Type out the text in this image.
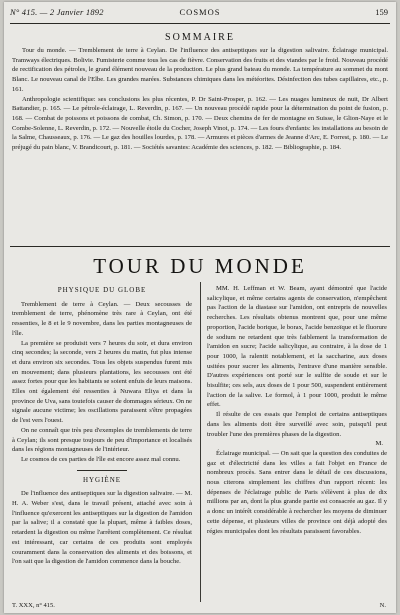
N° 415. — 2 Janvier 1892	COSMOS	159
SOMMAIRE

Tour du monde. — Tremblement de terre à Ceylan. De l'influence des antiseptiques sur la digestion salivaire. Éclairage municipal. Tramways électriques. Bolivie. Fumisterie comme tous les cas de fièvre. Conservation des fruits et des viandes par le froid. Nouveau procédé de rectification des pétroles, le grand élément nouveau de la production. Le plus grand bateau du monde. La température au sommet du mont Blanc. Le nouveau canal de l'Elbe. Les grandes marées. Substances chimiques dans les météorites. Désinfection des tubes capillaires, etc., p. 161.

Anthropologie scientifique: ses conclusions les plus récentes, P. Dr Saint-Prosper, p. 162. — Les nuages lumineux de nuit, Dr Albert Battandier, p. 165. — Le pétrole-éclairage, L. Reverdin, p. 167. — Un nouveau procédé rapide pour la détermination du point de fusion, p. 168. — Combat de poissons et poissons de combat, Ch. Simon, p. 170. — Deux chemins de fer de montagne en Suisse, le Glion-Naye et le Combe-Solenne, L. Reverdin, p. 172. — Nouvelle étoile du Cocher, Joseph Vinot, p. 174. — Les fours d'enfants: les installations au besoin de la Salme, Chausseaux, p. 176. — Le gaz des houilles lourdes, p. 178. — Armures et pièces d'armes de Jeanne d'Arc, E. Forrest, p. 180. — Le préjugé du pain blanc, V. Brandicourt, p. 181. — Sociétés savantes: Académie des sciences, p. 182. — Bibliographie, p. 184.

TOUR DU MONDE
PHYSIQUE DU GLOBE

Tremblement de terre à Ceylan. — Deux secousses de tremblement de terre, phénomène très rare à Ceylan, ont été ressenties, le 8 et le 9 novembre, dans les parties montagneuses de l'île.

La première se produisit vers 7 heures du soir, et dura environ cinq secondes; la seconde, vers 2 heures du matin, fut plus intense et dura environ six secondes. Tous les objets suspendus furent mis en mouvement; dans plusieurs plantations, les secousses ont été assez fortes pour que les habitants se soient enfuis de leurs maisons. Elles ont également été ressenties à Nuwara Eliya et dans la province de Uva, sans toutefois causer de dommages sérieux. On ne signale aucune victime; les oscillations paraissent s'être propagées de l'est vers l'ouest.

On ne connaît que très peu d'exemples de tremblements de terre à Ceylan; ils sont presque toujours de peu d'importance et localisés dans les régions montagneuses de l'intérieur.

Le cosmos de ces parties de l'île est encore assez mal connu.

HYGIÈNE

De l'influence des antiseptiques sur la digestion salivaire. — M. H. A. Weber s'est, dans le travail présent, attaché avec soin à l'influence qu'exercent les antiseptiques sur la digestion de l'amidon par la salive; il a constaté que la plupart, même à faibles doses, retardent la digestion ou même l'arrêtent complètement. Ce résultat est intéressant, car certains de ces produits sont employés couramment dans la conservation des aliments et des boissons, et l'on sait que la digestion de l'amidon commence dans la bouche.

MM. H. Leffman et W. Beam, ayant démontré que l'acide salicylique, et même certains agents de conservation, n'empêchent pas l'action de la diastase sur l'amidon, ont entrepris de nouvelles recherches. Les résultats obtenus montrent que, pour une même proportion, l'acide borique, le borax, l'acide benzoïque et le fluorure de sodium ne retardent que très faiblement la transformation de l'amidon en sucre; l'acide salicylique, au contraire, à la dose de 1 pour 1000, la ralentit notablement, et la saccharine, aux doses usitées pour sucrer les aliments, l'entrave d'une manière sensible. D'autres expériences ont porté sur le sulfite de soude et sur le bisulfite; ces sels, aux doses de 1 pour 500, suspendent entièrement l'action de la salive. Le formol, à 1 pour 1000, produit le même effet.

Il résulte de ces essais que l'emploi de certains antiseptiques dans les aliments doit être surveillé avec soin, puisqu'il peut troubler l'une des premières phases de la digestion.

M.

Éclairage municipal. — On sait que la question des conduites de gaz et d'électricité dans les villes a fait l'objet en France de nombreux procès. Sans entrer dans le détail de ces discussions, nous citerons simplement les chiffres d'un rapport récent: les dépenses de l'éclairage public de Paris s'élèvent à plus de dix millions par an, dont la plus grande partie est consacrée au gaz. Il y a donc un intérêt considérable à rechercher les moyens de diminuer cette dépense, et plusieurs villes de province ont déjà adopté des régies municipales dont les résultats paraissent favorables.

T. XXX, n° 415.	N.
